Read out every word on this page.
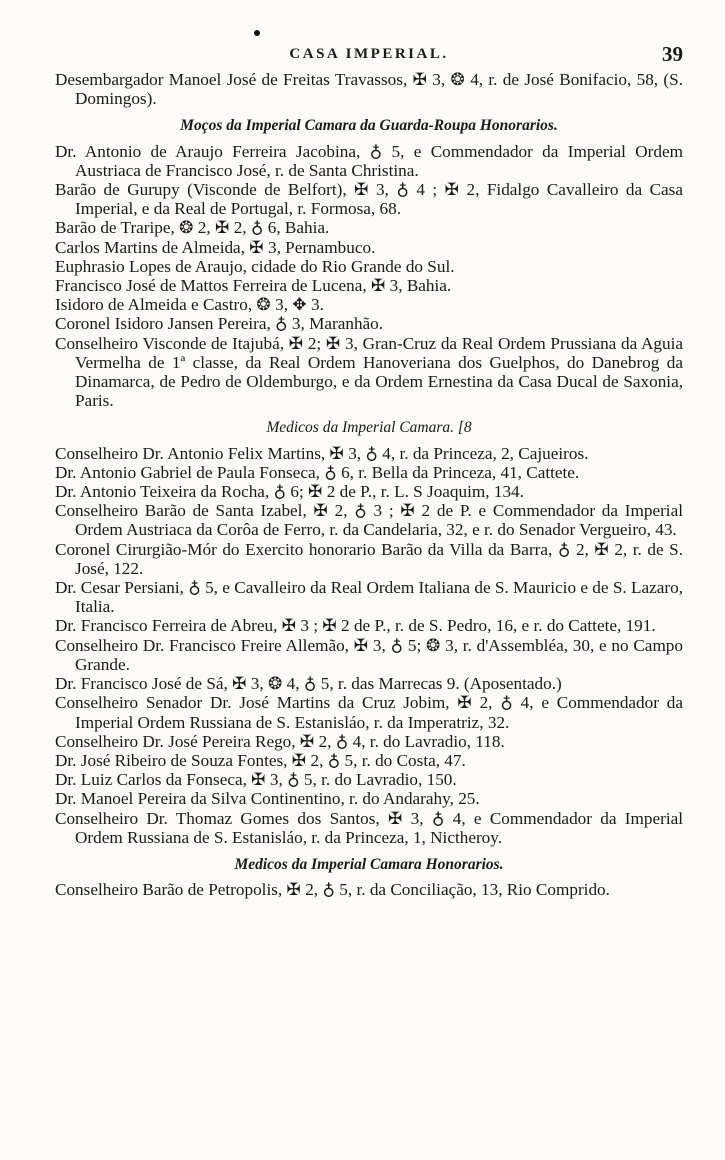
CASA IMPERIAL.	39

Desembargador Manoel José de Freitas Travassos, ✠ 3, ❂ 4, r. de José Bonifacio, 58, (S. Domingos).

Moços da Imperial Camara da Guarda-Roupa Honorarios.

Dr. Antonio de Araujo Ferreira Jacobina, ♁ 5, e Commendador da Imperial Ordem Austriaca de Francisco José, r. de Santa Christina.

Barão de Gurupy (Visconde de Belfort), ✠ 3, ♁ 4 ; ✠ 2, Fidalgo Cavalleiro da Casa Imperial, e da Real de Portugal, r. Formosa, 68.

Barão de Traripe, ❂ 2, ✠ 2, ♁ 6, Bahia.

Carlos Martins de Almeida, ✠ 3, Pernambuco.

Euphrasio Lopes de Araujo, cidade do Rio Grande do Sul.

Francisco José de Mattos Ferreira de Lucena, ✠ 3, Bahia.

Isidoro de Almeida e Castro, ❂ 3, ✥ 3.

Coronel Isidoro Jansen Pereira, ♁ 3, Maranhão.

Conselheiro Visconde de Itajubá, ✠ 2; ✠ 3, Gran-Cruz da Real Ordem Prussiana da Aguia Vermelha de 1ª classe, da Real Ordem Hanoveriana dos Guelphos, do Danebrog da Dinamarca, de Pedro de Oldemburgo, e da Ordem Ernestina da Casa Ducal de Saxonia, Paris.

Medicos da Imperial Camara. [8

Conselheiro Dr. Antonio Felix Martins, ✠ 3, ♁ 4, r. da Princeza, 2, Cajueiros.

Dr. Antonio Gabriel de Paula Fonseca, ♁ 6, r. Bella da Princeza, 41, Cattete.

Dr. Antonio Teixeira da Rocha, ♁ 6; ✠ 2 de P., r. L. S Joaquim, 134.

Conselheiro Barão de Santa Izabel, ✠ 2, ♁ 3 ; ✠ 2 de P. e Commendador da Imperial Ordem Austriaca da Corôa de Ferro, r. da Candelaria, 32, e r. do Senador Vergueiro, 43.

Coronel Cirurgião-Mór do Exercito honorario Barão da Villa da Barra, ♁ 2, ✠ 2, r. de S. José, 122.

Dr. Cesar Persiani, ♁ 5, e Cavalleiro da Real Ordem Italiana de S. Mauricio e de S. Lazaro, Italia.

Dr. Francisco Ferreira de Abreu, ✠ 3 ; ✠ 2 de P., r. de S. Pedro, 16, e r. do Cattete, 191.

Conselheiro Dr. Francisco Freire Allemão, ✠ 3, ♁ 5; ❂ 3, r. d'Assembléa, 30, e no Campo Grande.

Dr. Francisco José de Sá, ✠ 3, ❂ 4, ♁ 5, r. das Marrecas 9. (Aposentado.)

Conselheiro Senador Dr. José Martins da Cruz Jobim, ✠ 2, ♁ 4, e Commendador da Imperial Ordem Russiana de S. Estanisláo, r. da Imperatriz, 32.

Conselheiro Dr. José Pereira Rego, ✠ 2, ♁ 4, r. do Lavradio, 118.

Dr. José Ribeiro de Souza Fontes, ✠ 2, ♁ 5, r. do Costa, 47.

Dr. Luiz Carlos da Fonseca, ✠ 3, ♁ 5, r. do Lavradio, 150.

Dr. Manoel Pereira da Silva Continentino, r. do Andarahy, 25.

Conselheiro Dr. Thomaz Gomes dos Santos, ✠ 3, ♁ 4, e Commendador da Imperial Ordem Russiana de S. Estanisláo, r. da Princeza, 1, Nictheroy.

Medicos da Imperial Camara Honorarios.

Conselheiro Barão de Petropolis, ✠ 2, ♁ 5, r. da Conciliação, 13, Rio Comprido.
